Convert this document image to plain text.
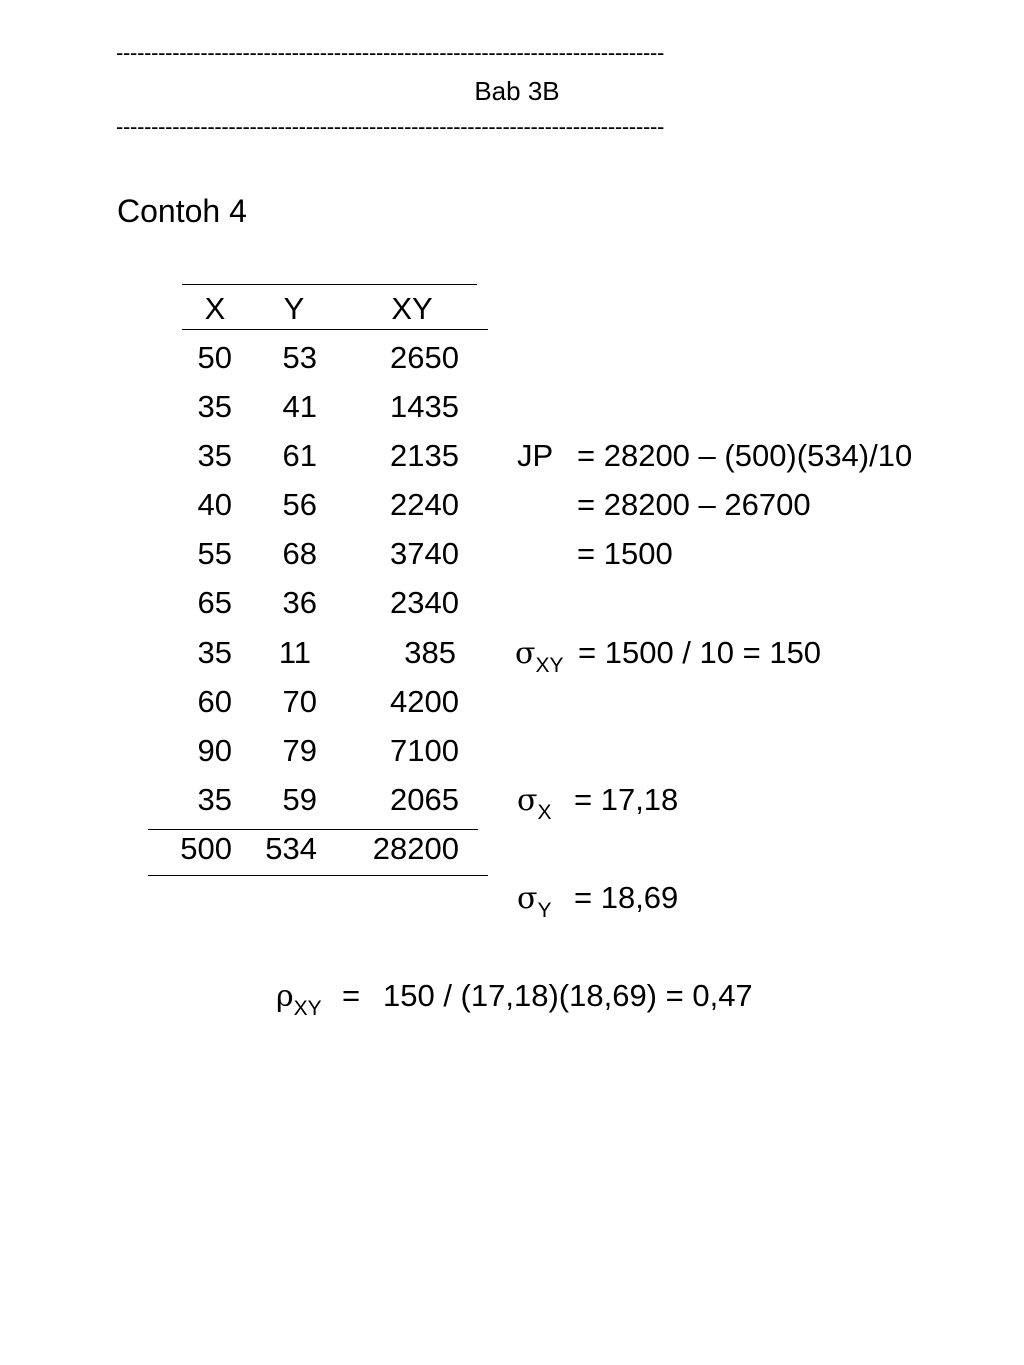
------------------------------------------------------------------------------
Bab 3B
------------------------------------------------------------------------------
Contoh 4
X	Y	XY
50	53	2650
35	41	1435
35	61	2135
40	56	2240
55	68	3740
65	36	2340
35	11	385
60	70	4200
90	79	7100
35	59	2065
500	534	28200
JP = 28200 – (500)(534)/10
= 28200 – 26700
= 1500
$\sigma_{XY} = 1500 / 10 = 150$
$\sigma_X = 17,18$
$\sigma_Y = 18,69$
$\rho_{XY} = 150 / (17,18)(18,69) = 0,47$
